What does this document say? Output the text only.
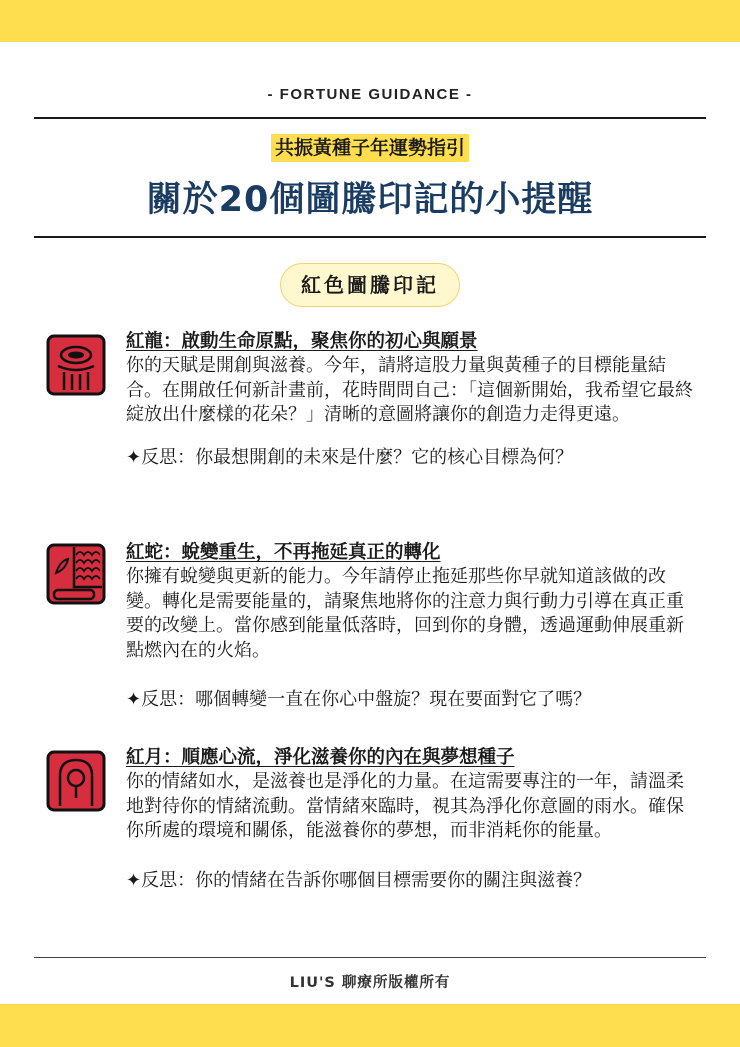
- FORTUNE GUIDANCE -
共振黃種子年運勢指引
關於20個圖騰印記的小提醒
紅色圖騰印記
紅龍：啟動生命原點，聚焦你的初心與願景
你的天賦是開創與滋養。今年，請將這股力量與黃種子的目標能量結合。在開啟任何新計畫前，花時間問自己：「這個新開始，我希望它最終綻放出什麼樣的花朵？」清晰的意圖將讓你的創造力走得更遠。
✦反思：你最想開創的未來是什麼？它的核心目標為何？
紅蛇：蛻變重生，不再拖延真正的轉化
你擁有蛻變與更新的能力。今年請停止拖延那些你早就知道該做的改變。轉化是需要能量的，請聚焦地將你的注意力與行動力引導在真正重要的改變上。當你感到能量低落時，回到你的身體，透過運動伸展重新點燃內在的火焰。
✦反思：哪個轉變一直在你心中盤旋？現在要面對它了嗎？
紅月：順應心流，淨化滋養你的內在與夢想種子
你的情緒如水，是滋養也是淨化的力量。在這需要專注的一年，請溫柔地對待你的情緒流動。當情緒來臨時，視其為淨化你意圖的雨水。確保你所處的環境和關係，能滋養你的夢想，而非消耗你的能量。
✦反思：你的情緒在告訴你哪個目標需要你的關注與滋養？
LIU'S 聊療所版權所有
